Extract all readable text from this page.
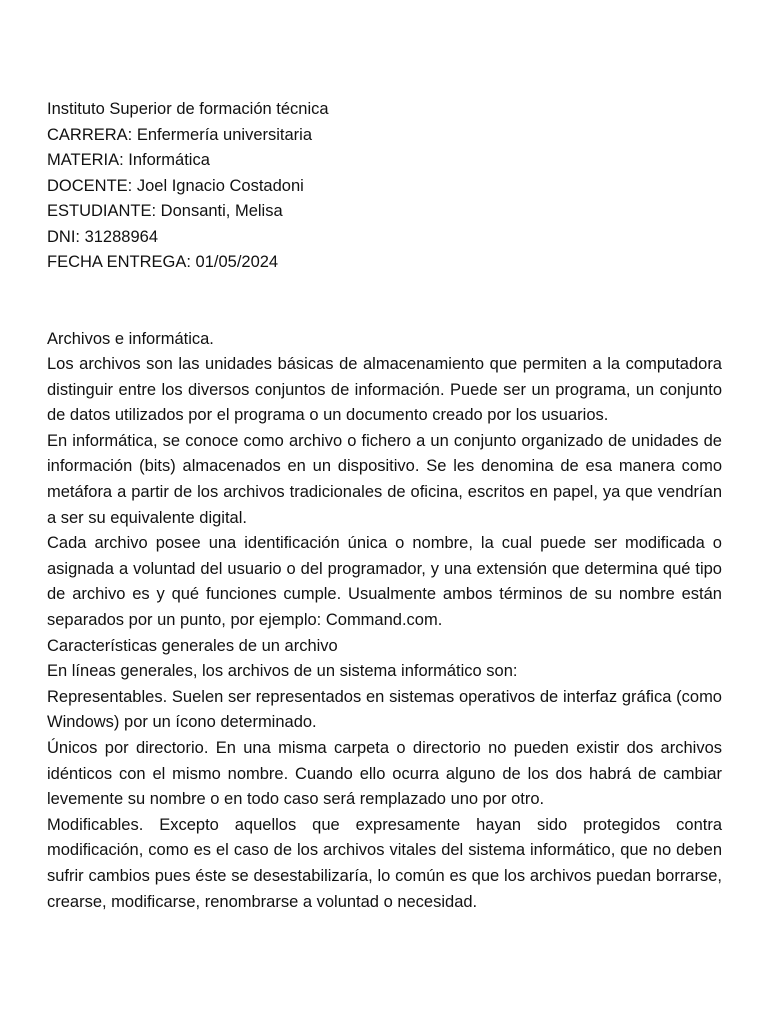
Instituto Superior de formación técnica
CARRERA: Enfermería universitaria
MATERIA: Informática
DOCENTE: Joel Ignacio Costadoni
ESTUDIANTE: Donsanti, Melisa
DNI: 31288964
FECHA ENTREGA: 01/05/2024

Archivos e informática.

Los archivos son las unidades básicas de almacenamiento que permiten a la computadora distinguir entre los diversos conjuntos de información. Puede ser un programa, un conjunto de datos utilizados por el programa o un documento creado por los usuarios.

En informática, se conoce como archivo o fichero a un conjunto organizado de unidades de información (bits) almacenados en un dispositivo. Se les denomina de esa manera como metáfora a partir de los archivos tradicionales de oficina, escritos en papel, ya que vendrían a ser su equivalente digital.

Cada archivo posee una identificación única o nombre, la cual puede ser modificada o asignada a voluntad del usuario o del programador, y una extensión que determina qué tipo de archivo es y qué funciones cumple. Usualmente ambos términos de su nombre están separados por un punto, por ejemplo: Command.com.

Características generales de un archivo

En líneas generales, los archivos de un sistema informático son:

Representables. Suelen ser representados en sistemas operativos de interfaz gráfica (como Windows) por un ícono determinado.

Únicos por directorio. En una misma carpeta o directorio no pueden existir dos archivos idénticos con el mismo nombre. Cuando ello ocurra alguno de los dos habrá de cambiar levemente su nombre o en todo caso será remplazado uno por otro.

Modificables. Excepto aquellos que expresamente hayan sido protegidos contra modificación, como es el caso de los archivos vitales del sistema informático, que no deben sufrir cambios pues éste se desestabilizaría, lo común es que los archivos puedan borrarse, crearse, modificarse, renombrarse a voluntad o necesidad.
